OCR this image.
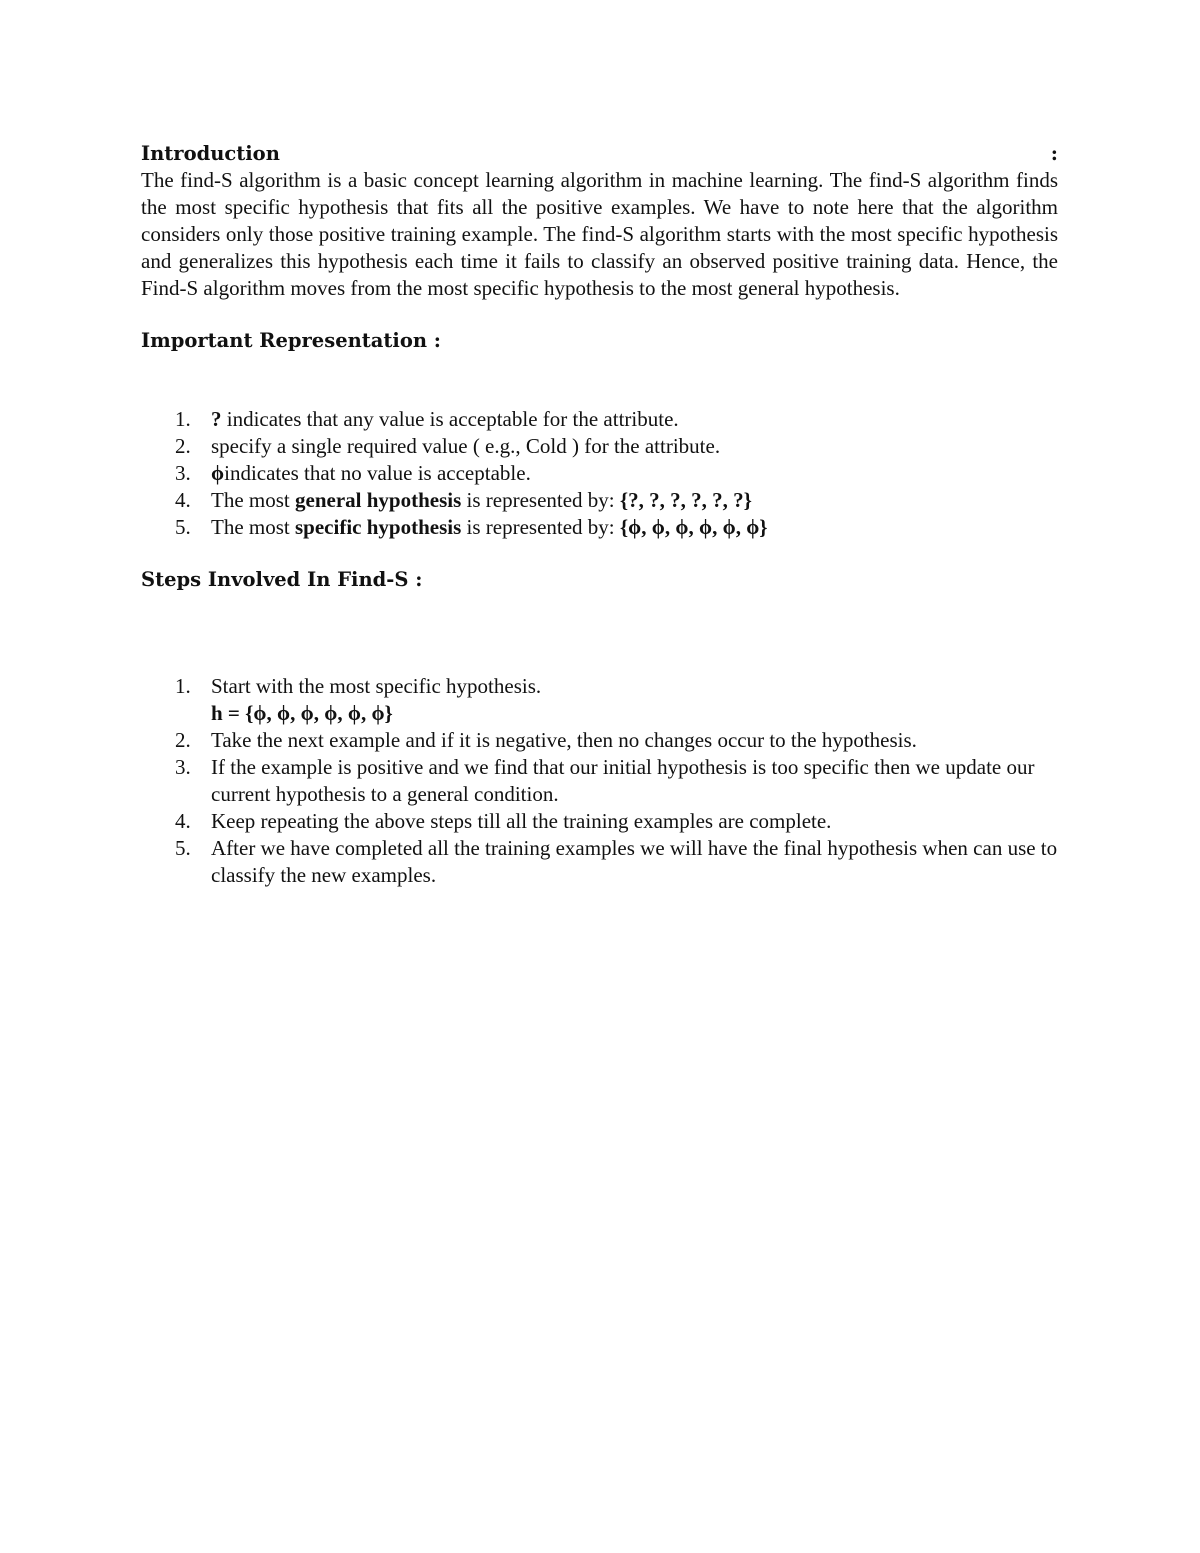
Introduction	:

The find-S algorithm is a basic concept learning algorithm in machine learning. The find-S algorithm finds the most specific hypothesis that fits all the positive examples. We have to note here that the algorithm considers only those positive training example. The find-S algorithm starts with the most specific hypothesis and generalizes this hypothesis each time it fails to classify an observed positive training data. Hence, the Find-S algorithm moves from the most specific hypothesis to the most general hypothesis.

Important Representation :

1. ? indicates that any value is acceptable for the attribute.
2. specify a single required value ( e.g., Cold ) for the attribute.
3. ϕindicates that no value is acceptable.
4. The most general hypothesis is represented by: {?, ?, ?, ?, ?, ?}
5. The most specific hypothesis is represented by: {ϕ, ϕ, ϕ, ϕ, ϕ, ϕ}

Steps Involved In Find-S :

1. Start with the most specific hypothesis.
h = {ϕ, ϕ, ϕ, ϕ, ϕ, ϕ}
2. Take the next example and if it is negative, then no changes occur to the hypothesis.
3. If the example is positive and we find that our initial hypothesis is too specific then we update our current hypothesis to a general condition.
4. Keep repeating the above steps till all the training examples are complete.
5. After we have completed all the training examples we will have the final hypothesis when can use to classify the new examples.
